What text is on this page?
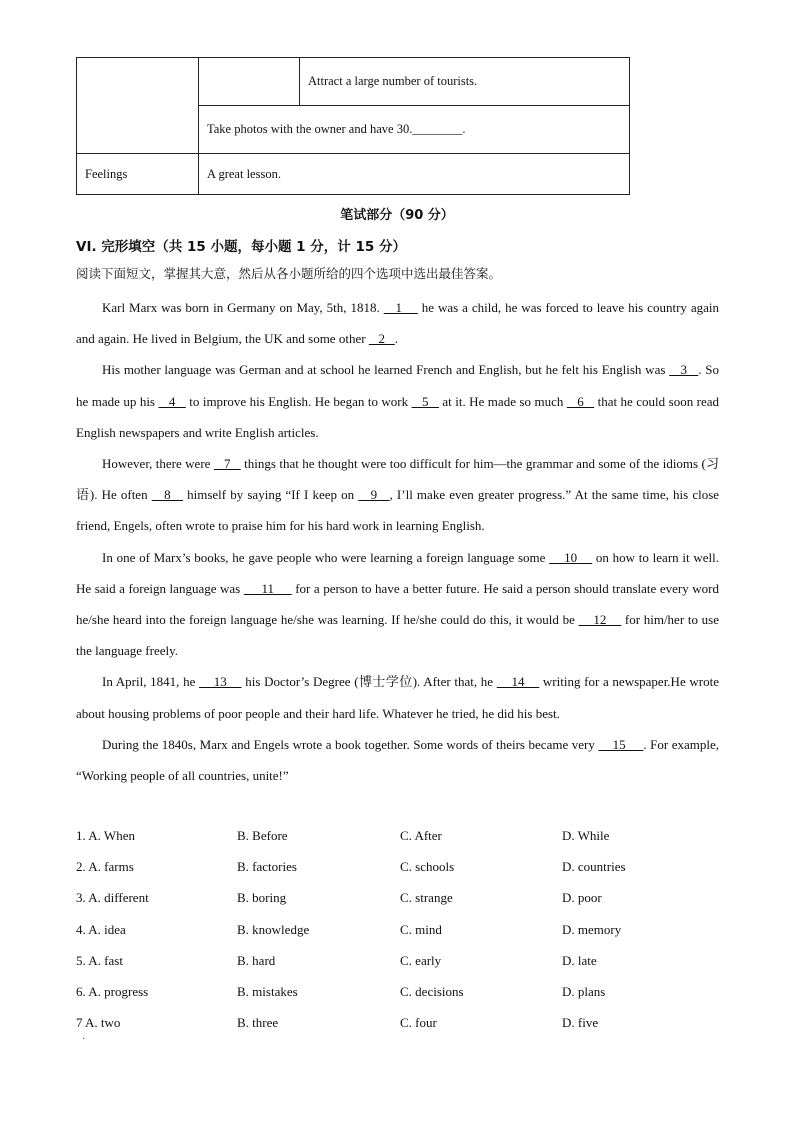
		Attract a large number of tourists.
	Take photos with the owner and have 30.________.	
Feelings	A great lesson.	
笔试部分（90 分）
VI. 完形填空（共 15 小题，每小题 1 分，计 15 分）
阅读下面短文，掌握其大意，然后从各小题所给的四个选项中选出最佳答案。

Karl Marx was born in Germany on May, 5th, 1818.    1     he was a child, he was forced to leave his country again and again. He lived in Belgium, the UK and some other    2   .

His mother language was German and at school he learned French and English, but he felt his English was    3   . So he made up his    4    to improve his English. He began to work    5    at it. He made so much    6    that he could soon read English newspapers and write English articles.

However, there were    7    things that he thought were too difficult for him—the grammar and some of the idioms (习语). He often    8    himself by saying “If I keep on    9   , I’ll make even greater progress.” At the same time, his close friend, Engels, often wrote to praise him for his hard work in learning English.

In one of Marx’s books, he gave people who were learning a foreign language some     10     on how to learn it well. He said a foreign language was      11      for a person to have a better future. He said a person should translate every word he/she heard into the foreign language he/she was learning. If he/she could do this, it would be     12     for him/her to use the language freely.

In April, 1841, he     13     his Doctor’s Degree (博士学位). After that, he     14     writing for a newspaper.He wrote about housing problems of poor people and their hard life. Whatever he tried, he did his best.

During the 1840s, Marx and Engels wrote a book together. Some words of theirs became very     15     . For example, “Working people of all countries, unite!”

1. A. When	B. Before	C. After	D. While
2. A. farms	B. factories	C. schools	D. countries
3. A. different	B. boring	C. strange	D. poor
4. A. idea	B. knowledge	C. mind	D. memory
5. A. fast	B. hard	C. early	D. late
6. A. progress	B. mistakes	C. decisions	D. plans
7 A. two	B. three	C. four	D. five
·
